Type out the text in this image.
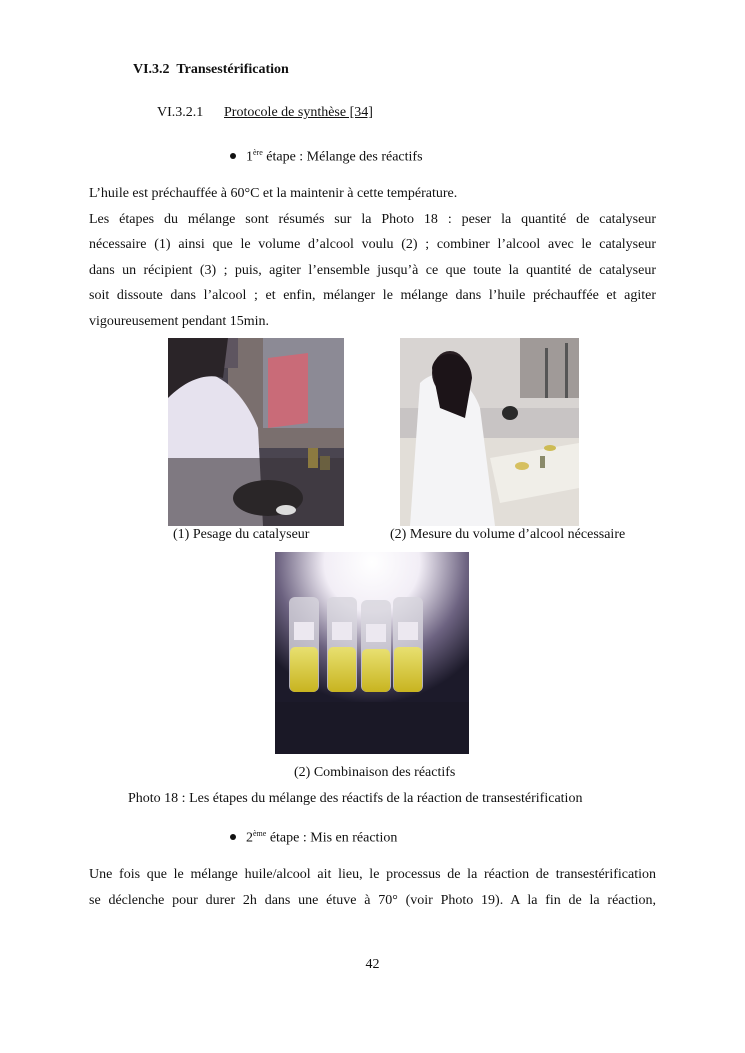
VI.3.2 Transestérification
VI.3.2.1 Protocole de synthèse [34]
1ère étape : Mélange des réactifs
L’huile est préchauffée à 60°C et la maintenir à cette température.
Les étapes du mélange sont résumés sur la Photo 18 : peser la quantité de catalyseur
nécessaire (1) ainsi que le volume d’alcool voulu (2) ; combiner l’alcool avec le catalyseur
dans un récipient (3) ; puis, agiter l’ensemble jusqu’à ce que toute la quantité de catalyseur
soit dissoute dans l’alcool ; et enfin, mélanger le mélange dans l’huile préchauffée et agiter
vigoureusement pendant 15min.
(1) Pesage du catalyseur	(2) Mesure du volume d’alcool nécessaire
(2) Combinaison des réactifs
Photo 18 : Les étapes du mélange des réactifs de la réaction de transestérification
2ème étape : Mis en réaction
Une fois que le mélange huile/alcool ait lieu, le processus de la réaction de transestérification
se déclenche pour durer 2h dans une étuve à 70° (voir Photo 19). A la fin de la réaction,
42
